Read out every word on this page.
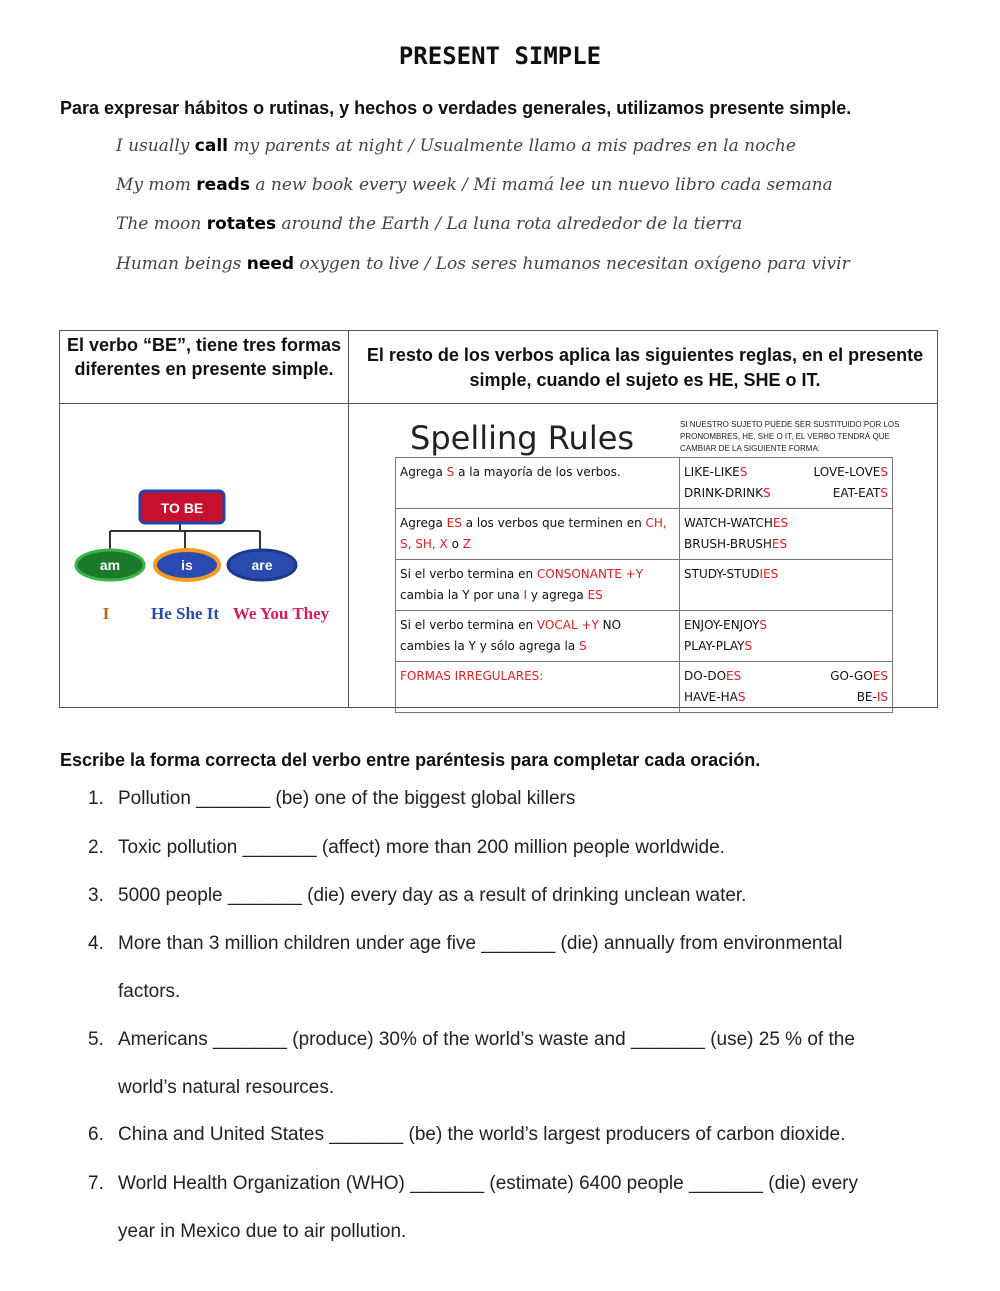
PRESENT SIMPLE
Para expresar hábitos o rutinas, y hechos o verdades generales, utilizamos presente simple.
I usually call my parents at night / Usualmente llamo a mis padres en la noche
My mom reads a new book every week / Mi mamá lee un nuevo libro cada semana
The moon rotates around the Earth / La luna rota alrededor de la tierra
Human beings need oxygen to live / Los seres humanos necesitan oxígeno para vivir
El verbo “BE”, tiene tres formas diferentes en presente simple.
El resto de los verbos aplica las siguientes reglas, en el presente simple, cuando el sujeto es HE, SHE o IT.
TO BE
am	is	are
I He She It We You They
Spelling Rules	SI NUESTRO SUJETO PUEDE SER SUSTITUIDO POR LOS PRONOMBRES, HE, SHE O IT, EL VERBO TENDRÁ QUE CAMBIAR DE LA SIGUIENTE FORMA:
Agrega S a la mayoría de los verbos.	LIKE-LIKES LOVE-LOVES
DRINK-DRINKS EAT-EATS

Agrega ES a los verbos que terminen en CH, S, SH, X o Z	WATCH-WATCHES
BRUSH-BRUSHES

Si el verbo termina en CONSONANTE +Y cambia la Y por una I y agrega ES	STUDY-STUDIES

Si el verbo termina en VOCAL +Y NO cambies la Y y sólo agrega la S	ENJOY-ENJOYS
PLAY-PLAYS

FORMAS IRREGULARES:	DO-DOES GO-GOES
HAVE-HAS BE-IS
Escribe la forma correcta del verbo entre paréntesis para completar cada oración.
1. Pollution _______ (be) one of the biggest global killers
2. Toxic pollution _______ (affect) more than 200 million people worldwide.
3. 5000 people _______ (die) every day as a result of drinking unclean water.
4. More than 3 million children under age five _______ (die) annually from environmental
factors.
5. Americans _______ (produce) 30% of the world’s waste and _______ (use) 25 % of the
world’s natural resources.
6. China and United States _______ (be) the world’s largest producers of carbon dioxide.
7. World Health Organization (WHO) _______ (estimate) 6400 people _______ (die) every
year in Mexico due to air pollution.
